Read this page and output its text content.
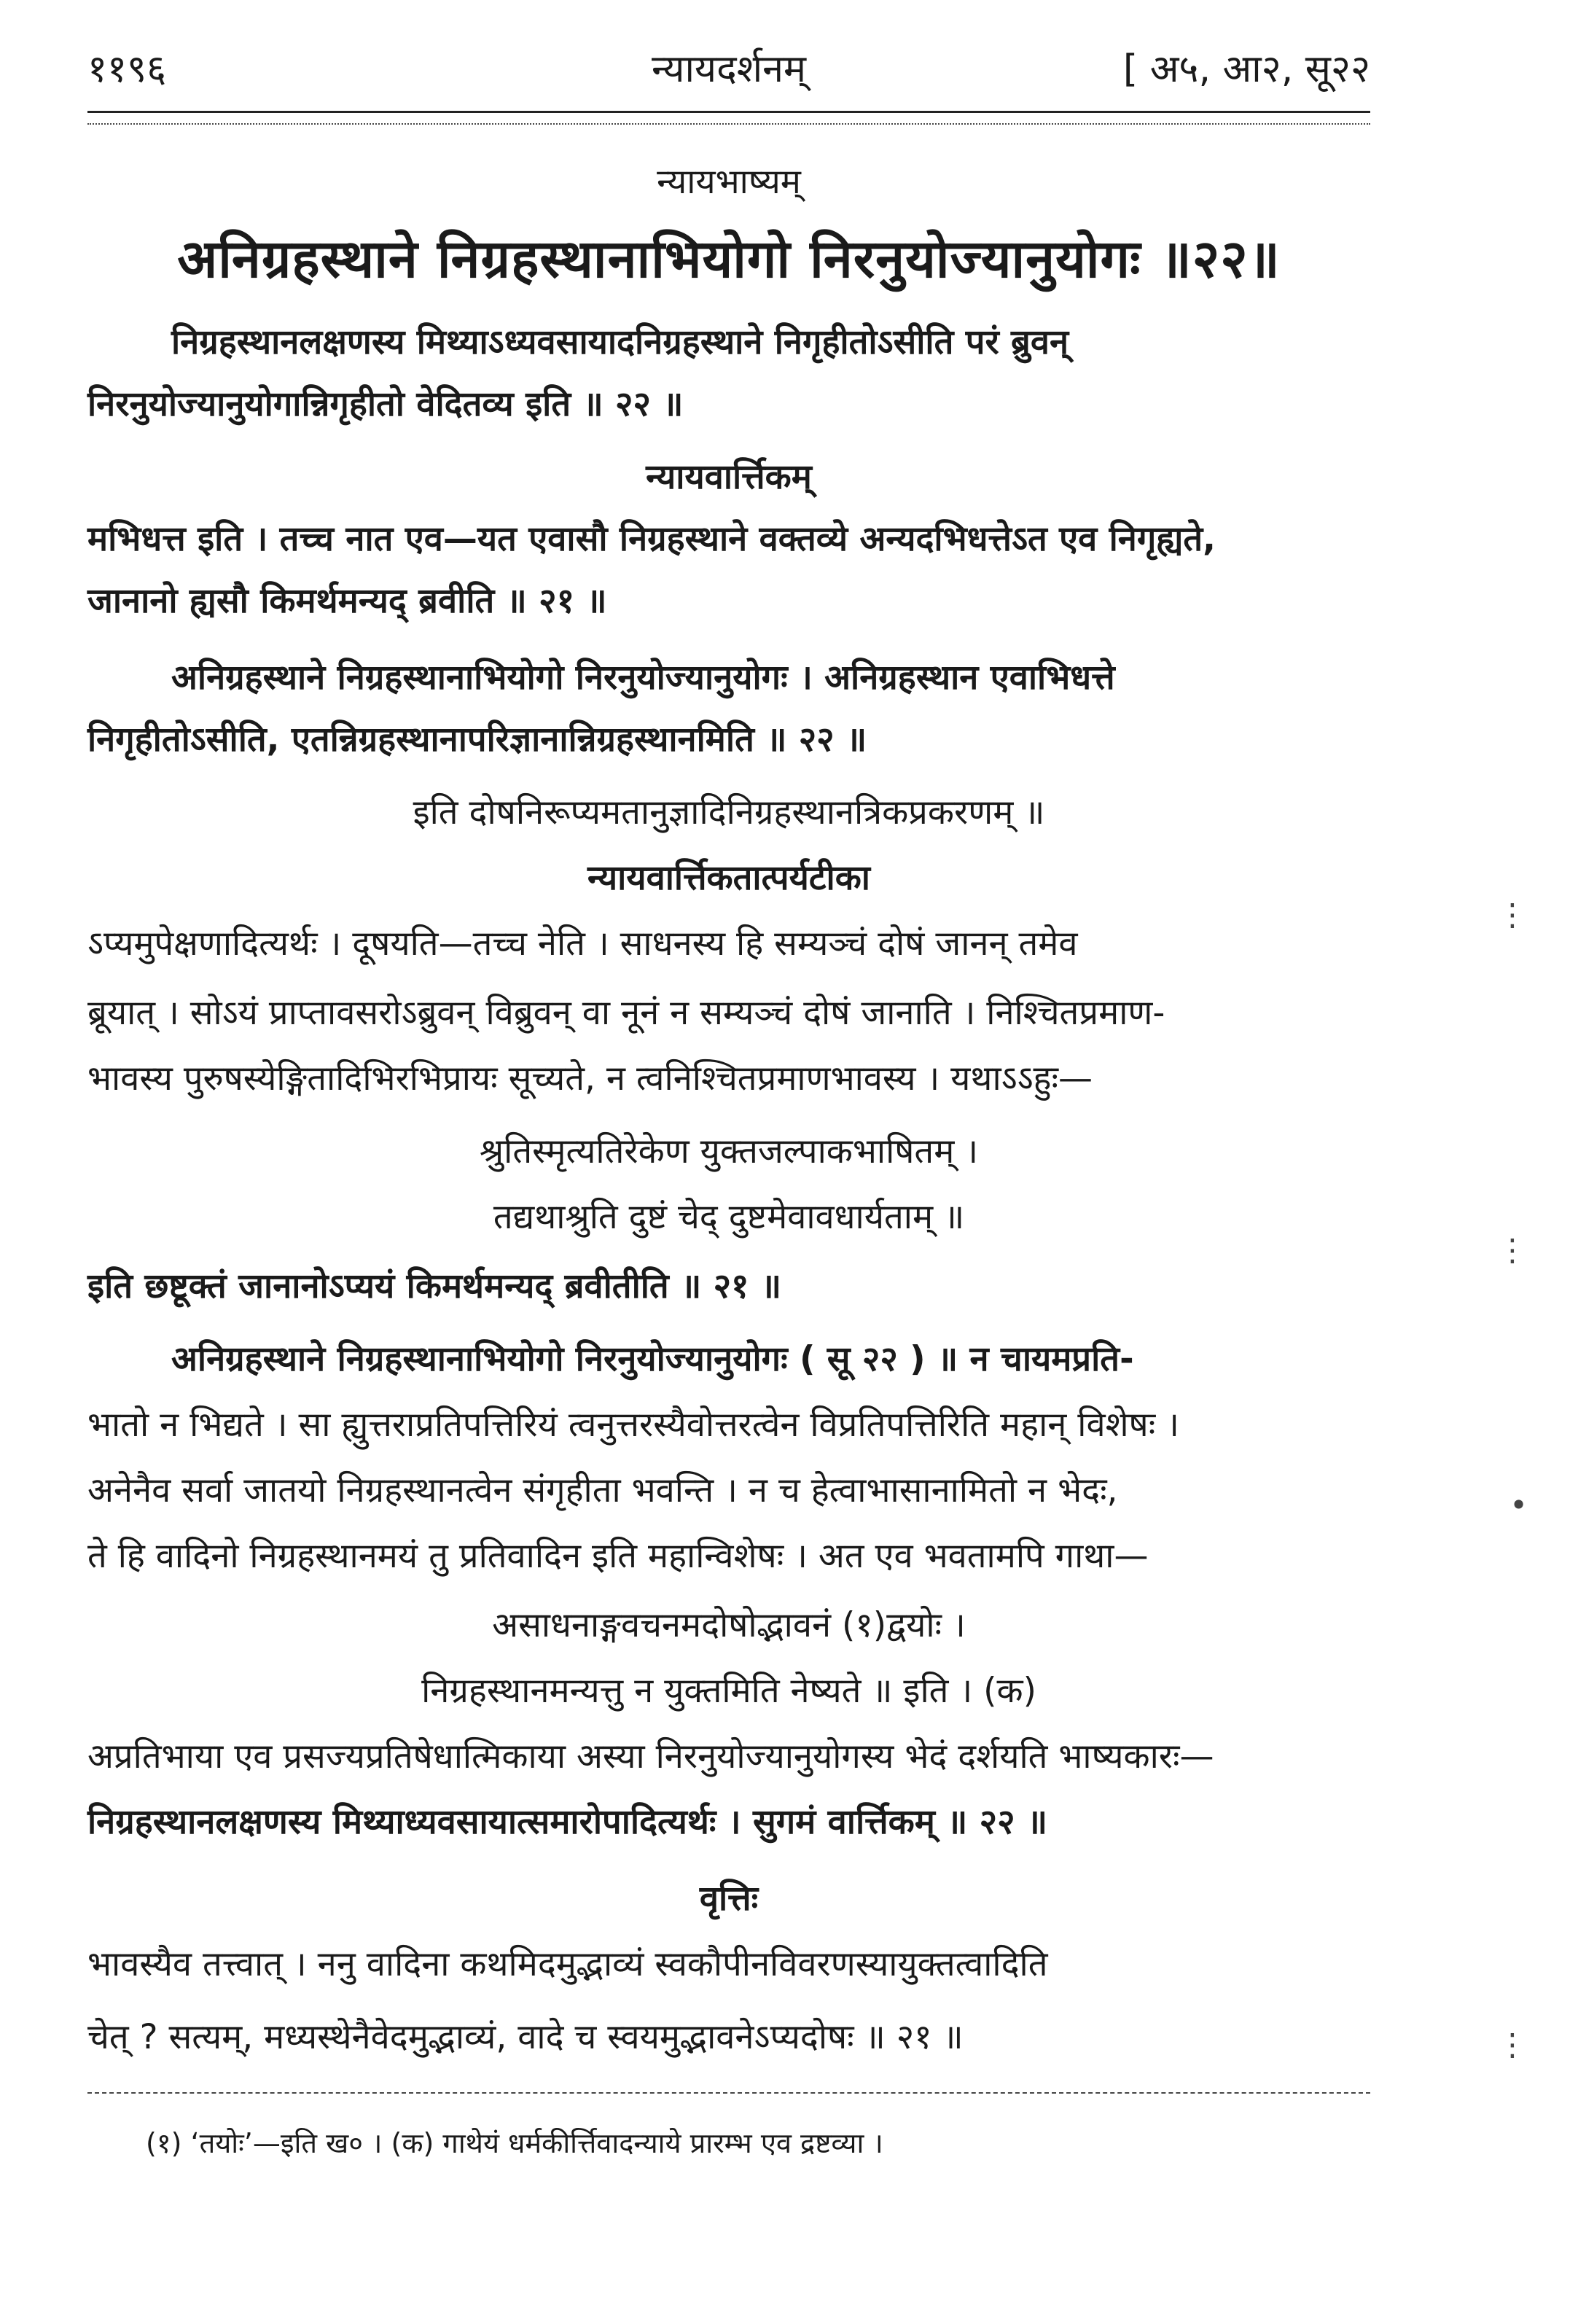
११९६	न्यायदर्शनम्	[ अ५, आ२, सू२२
न्यायभाष्यम्
अनिग्रहस्थाने निग्रहस्थानाभियोगो निरनुयोज्यानुयोगः ॥२२॥
निग्रहस्थानलक्षणस्य मिथ्याऽध्यवसायादनिग्रहस्थाने निगृहीतोऽसीति परं ब्रुवन्
निरनुयोज्यानुयोगान्निगृहीतो वेदितव्य इति ॥ २२ ॥
न्यायवार्त्तिकम्
मभिधत्त इति । तच्च नात एव—यत एवासौ निग्रहस्थाने वक्तव्ये अन्यदभिधत्तेऽत एव निगृह्यते,
जानानो ह्यसौ किमर्थमन्यद् ब्रवीति ॥ २१ ॥
अनिग्रहस्थाने निग्रहस्थानाभियोगो निरनुयोज्यानुयोगः । अनिग्रहस्थान एवाभिधत्ते
निगृहीतोऽसीति, एतन्निग्रहस्थानापरिज्ञानान्निग्रहस्थानमिति ॥ २२ ॥
इति दोषनिरूप्यमतानुज्ञादिनिग्रहस्थानत्रिकप्रकरणम् ॥
न्यायवार्त्तिकतात्पर्यटीका
ऽप्यमुपेक्षणादित्यर्थः । दूषयति—तच्च नेति । साधनस्य हि सम्यञ्चं दोषं जानन् तमेव
ब्रूयात् । सोऽयं प्राप्तावसरोऽब्रुवन् विब्रुवन् वा नूनं न सम्यञ्चं दोषं जानाति । निश्चितप्रमाण-
भावस्य पुरुषस्येङ्गितादिभिरभिप्रायः सूच्यते, न त्वनिश्चितप्रमाणभावस्य । यथाऽऽहुः—
श्रुतिस्मृत्यतिरेकेण युक्तजल्पाकभाषितम् ।
तद्यथाश्रुति दुष्टं चेद् दुष्टमेवावधार्यताम् ॥
इति छष्टूक्तं जानानोऽप्ययं किमर्थमन्यद् ब्रवीतीति ॥ २१ ॥
अनिग्रहस्थाने निग्रहस्थानाभियोगो निरनुयोज्यानुयोगः ( सू २२ ) ॥ न चायमप्रति-
भातो न भिद्यते । सा ह्युत्तराप्रतिपत्तिरियं त्वनुत्तरस्यैवोत्तरत्वेन विप्रतिपत्तिरिति महान् विशेषः ।
अनेनैव सर्वा जातयो निग्रहस्थानत्वेन संगृहीता भवन्ति । न च हेत्वाभासानामितो न भेदः,
ते हि वादिनो निग्रहस्थानमयं तु प्रतिवादिन इति महान्विशेषः । अत एव भवतामपि गाथा—
असाधनाङ्गवचनमदोषोद्भावनं (१)द्वयोः ।
निग्रहस्थानमन्यत्तु न युक्तमिति नेष्यते ॥ इति । (क)
अप्रतिभाया एव प्रसज्यप्रतिषेधात्मिकाया अस्या निरनुयोज्यानुयोगस्य भेदं दर्शयति भाष्यकारः—
निग्रहस्थानलक्षणस्य मिथ्याध्यवसायात्समारोपादित्यर्थः । सुगमं वार्त्तिकम् ॥ २२ ॥
वृत्तिः
भावस्यैव तत्त्वात् । ननु वादिना कथमिदमुद्भाव्यं स्वकौपीनविवरणस्यायुक्तत्वादिति
चेत् ? सत्यम्, मध्यस्थेनैवेदमुद्भाव्यं, वादे च स्वयमुद्भावनेऽप्यदोषः ॥ २१ ॥
(१) ‘तयोः’—इति ख० । (क) गाथेयं धर्मकीर्त्तिवादन्याये प्रारम्भ एव द्रष्टव्या ।
⋮
⋮
•
⋮
